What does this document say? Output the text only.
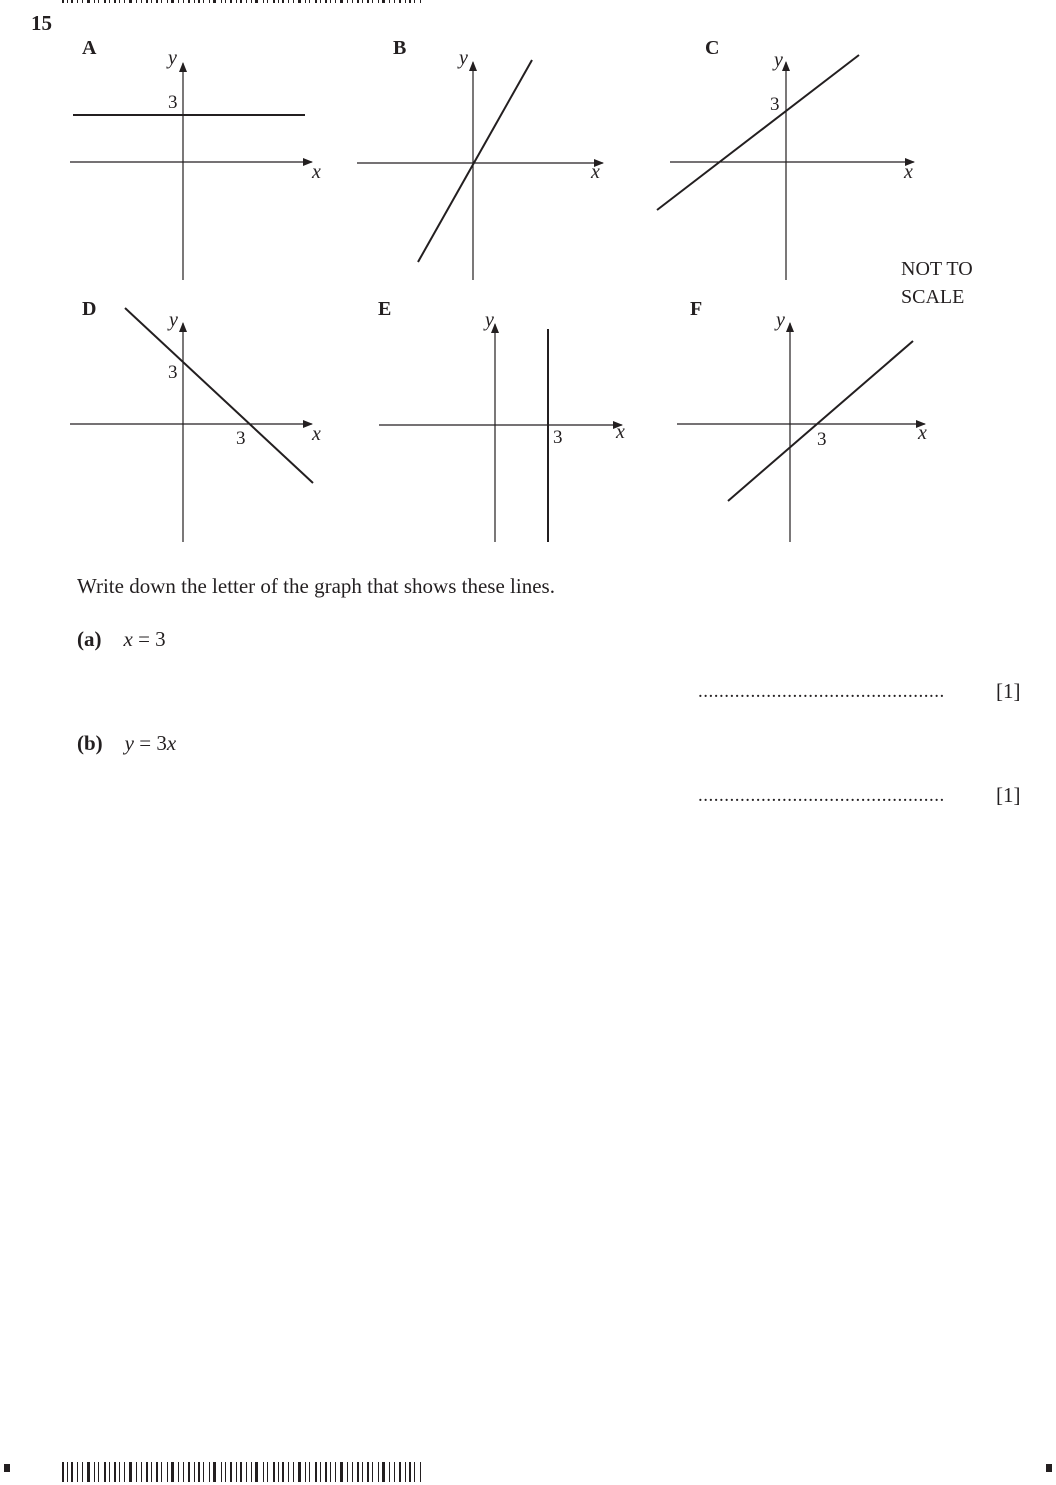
15
A	y
x
3
B	y
x
C
y
x
3
D	y
x
3
3
E	y
x
3
F	y
x
3
NOT TO
SCALE
Write down the letter of the graph that shows these lines.
(a) x = 3
...............................................	[1]
(b) y = 3x
...............................................	[1]
